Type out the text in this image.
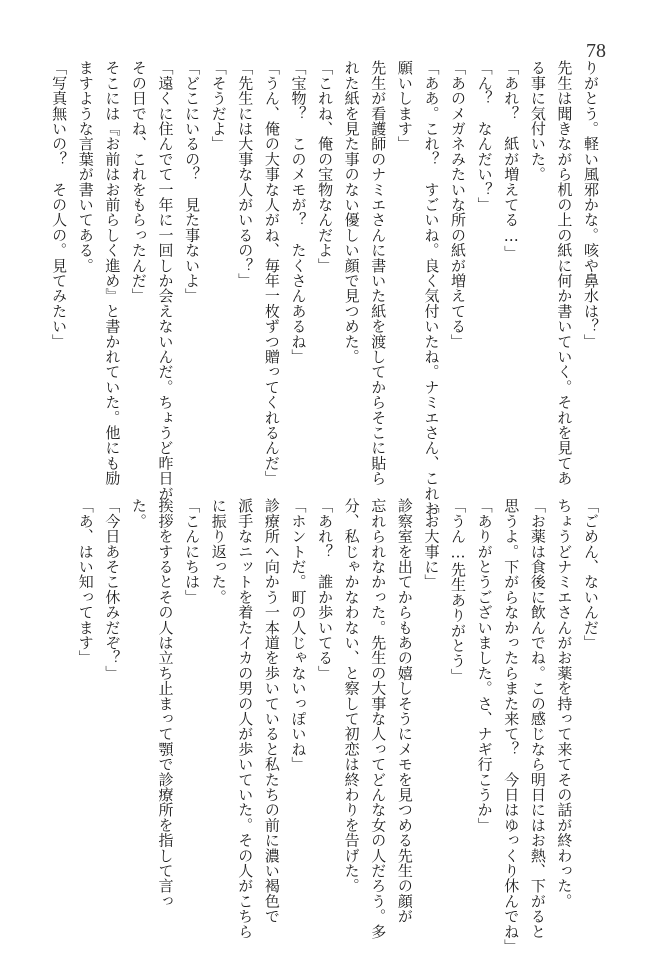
78
りがとう。軽い風邪かな。咳や鼻水は？」
先生は聞きながら机の上の紙に何か書いていく。それを見てあ
る事に気付いた。
「あれ？　紙が増えてる…」
「ん？　なんだい？」
「あのメガネみたいな所の紙が増えてる」
「ああ。これ？　すごいね。良く気付いたね。ナミエさん、これお
願いします」
先生が看護師のナミエさんに書いた紙を渡してからそこに貼ら
れた紙を見た事のない優しい顔で見つめた。
「これね、俺の宝物なんだよ」
「宝物？　このメモが？　たくさんあるね」
「うん、俺の大事な人がね、毎年一枚ずつ贈ってくれるんだ」
「先生には大事な人がいるの？」
「そうだよ」
「どこにいるの？　見た事ないよ」
「遠くに住んでて一年に一回しか会えないんだ。ちょうど昨日が
その日でね、これをもらったんだ」
そこには『お前はお前らしく進め』と書かれていた。他にも励
ますような言葉が書いてある。
「写真無いの？　その人の。見てみたい」
「ごめん、ないんだ」
ちょうどナミエさんがお薬を持って来てその話が終わった。
「お薬は食後に飲んでね。この感じなら明日にはお熱、下がると
思うよ。下がらなかったらまた来て？　今日はゆっくり休んでね」
「ありがとうございました。さ、ナギ行こうか」
「うん…先生ありがとう」
「お大事に」
診察室を出てからもあの嬉しそうにメモを見つめる先生の顔が
忘れられなかった。先生の大事な人ってどんな女の人だろう。多
分、私じゃかなわない、と察して初恋は終わりを告げた。
「あれ？　誰か歩いてる」
「ホントだ。町の人じゃないっぽいね」
診療所へ向かう一本道を歩いていると私たちの前に濃い褐色で
派手なニットを着たイカの男の人が歩いていた。その人がこちら
に振り返った。
「こんにちは」
挨拶をするとその人は立ち止まって顎で診療所を指して言っ
た。
「今日あそこ休みだぞ？」
「あ、はい知ってます」
